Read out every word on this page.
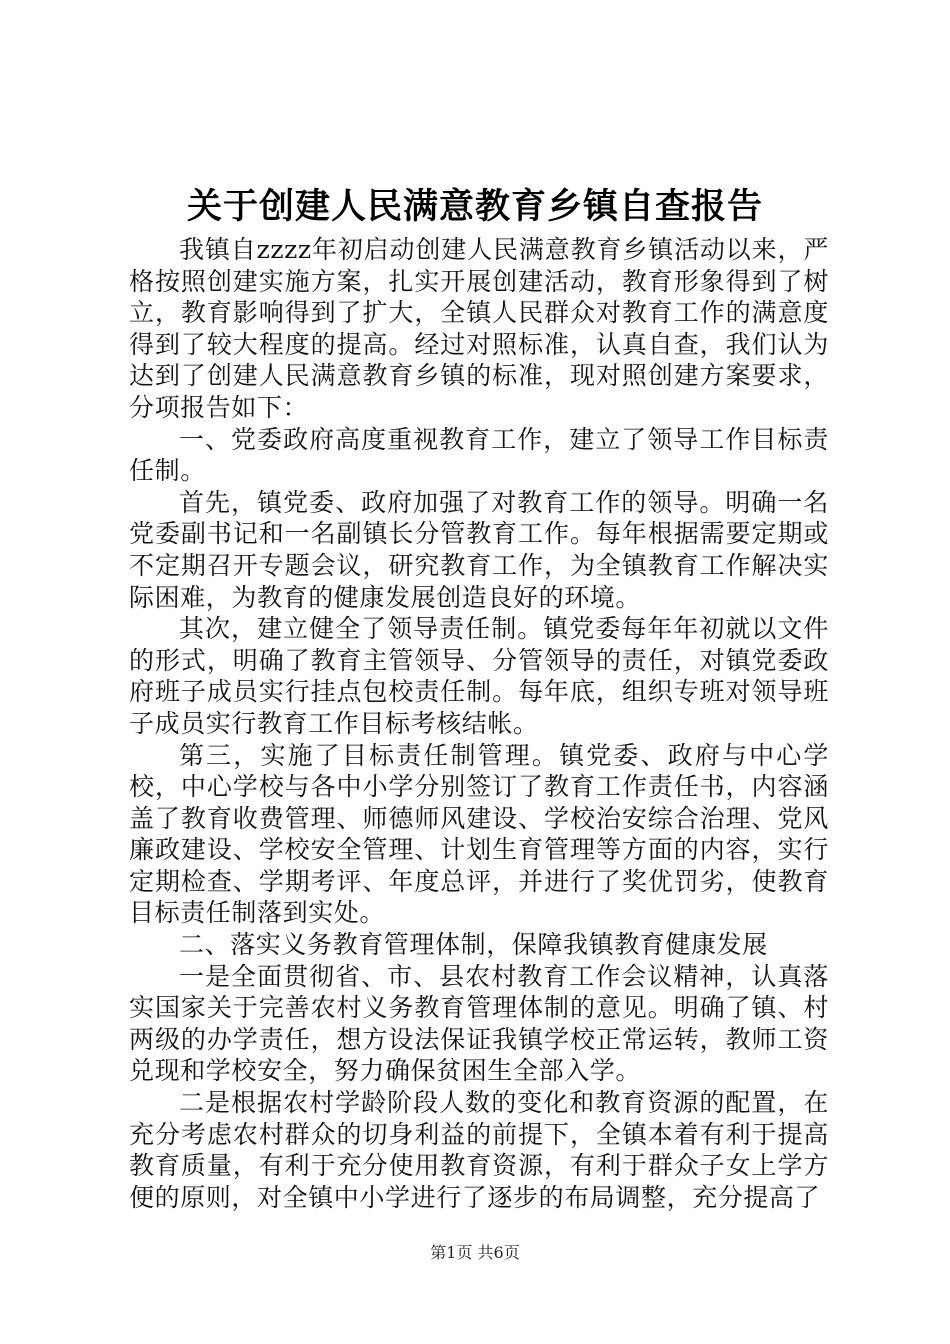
关于创建人民满意教育乡镇自查报告

我镇自zzzz年初启动创建人民满意教育乡镇活动以来，严格按照创建实施方案，扎实开展创建活动，教育形象得到了树立，教育影响得到了扩大，全镇人民群众对教育工作的满意度得到了较大程度的提高。经过对照标准，认真自查，我们认为达到了创建人民满意教育乡镇的标准，现对照创建方案要求，分项报告如下：

一、党委政府高度重视教育工作，建立了领导工作目标责任制。

首先，镇党委、政府加强了对教育工作的领导。明确一名党委副书记和一名副镇长分管教育工作。每年根据需要定期或不定期召开专题会议，研究教育工作，为全镇教育工作解决实际困难，为教育的健康发展创造良好的环境。

其次，建立健全了领导责任制。镇党委每年年初就以文件的形式，明确了教育主管领导、分管领导的责任，对镇党委政府班子成员实行挂点包校责任制。每年底，组织专班对领导班子成员实行教育工作目标考核结帐。

第三，实施了目标责任制管理。镇党委、政府与中心学校，中心学校与各中小学分别签订了教育工作责任书，内容涵盖了教育收费管理、师德师风建设、学校治安综合治理、党风廉政建设、学校安全管理、计划生育管理等方面的内容，实行定期检查、学期考评、年度总评，并进行了奖优罚劣，使教育目标责任制落到实处。

二、落实义务教育管理体制，保障我镇教育健康发展

一是全面贯彻省、市、县农村教育工作会议精神，认真落实国家关于完善农村义务教育管理体制的意见。明确了镇、村两级的办学责任，想方设法保证我镇学校正常运转，教师工资兑现和学校安全，努力确保贫困生全部入学。

二是根据农村学龄阶段人数的变化和教育资源的配置，在充分考虑农村群众的切身利益的前提下，全镇本着有利于提高教育质量，有利于充分使用教育资源，有利于群众子女上学方便的原则，对全镇中小学进行了逐步的布局调整，充分提高了

第1页 共6页
